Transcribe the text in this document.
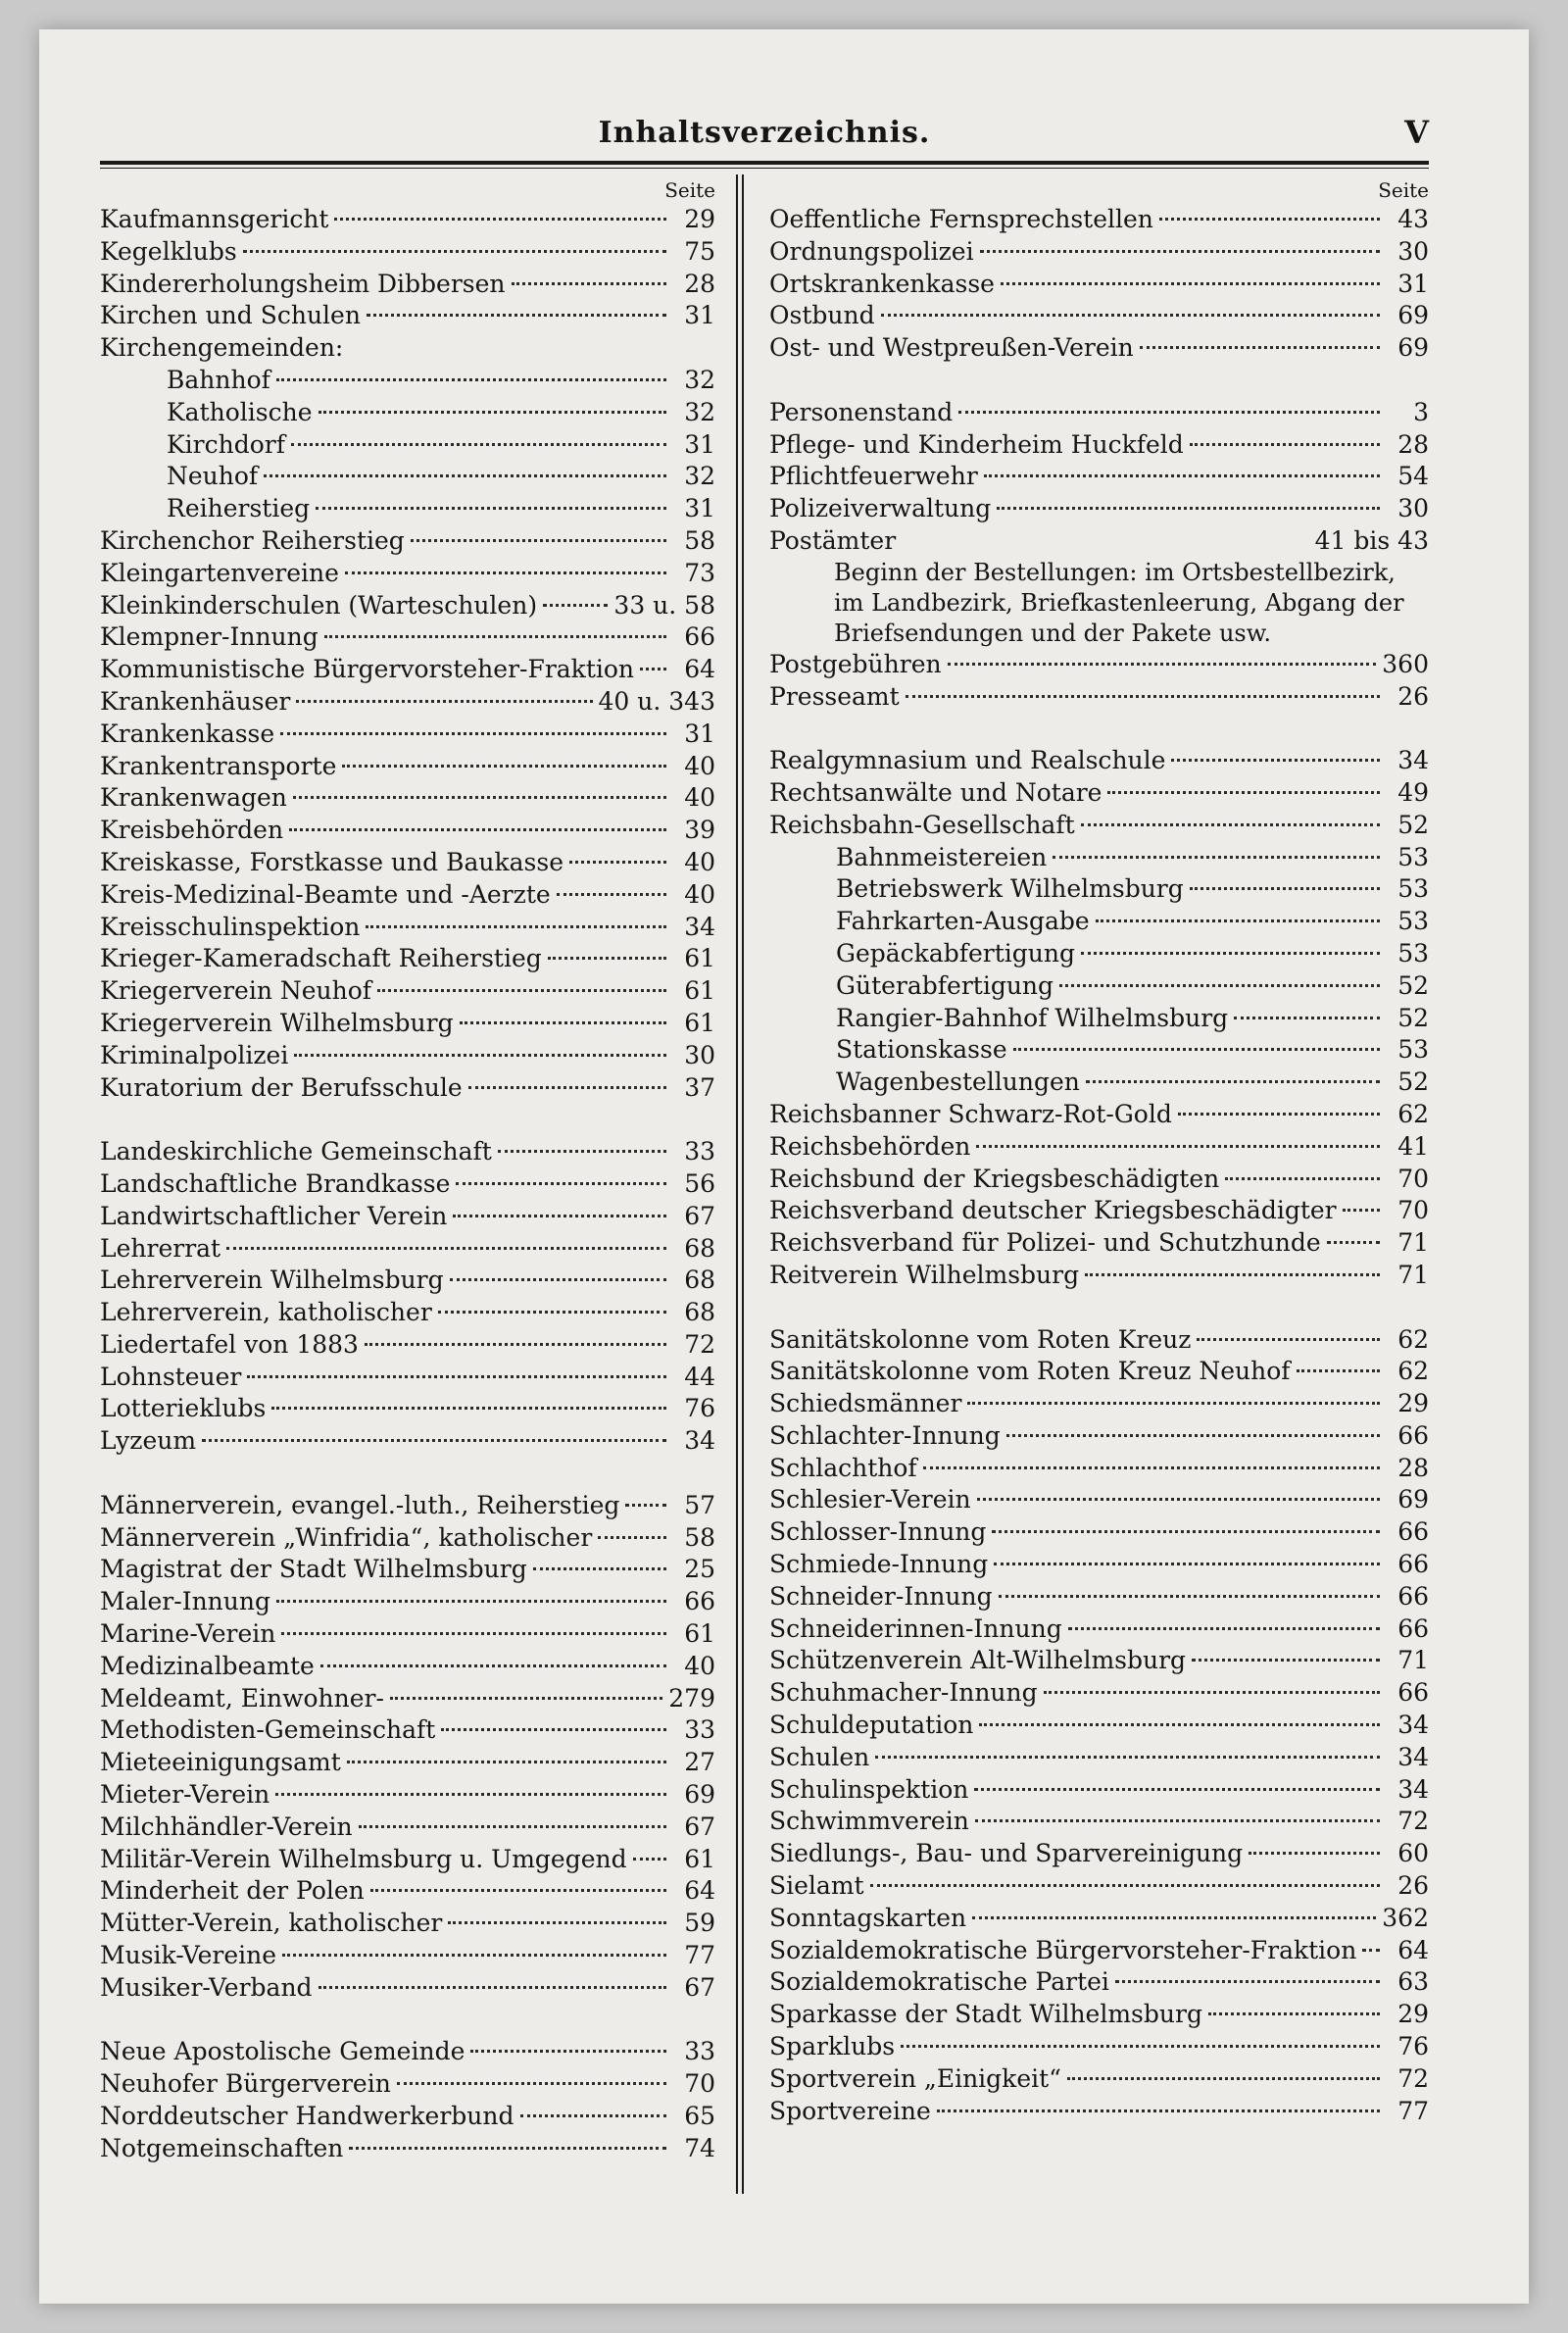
Inhaltsverzeichnis.	V
Seite
Kaufmannsgericht	29
Kegelklubs	75
Kindererholungsheim Dibbersen	28
Kirchen und Schulen	31
Kirchengemeinden:
Bahnhof	32
Katholische	32
Kirchdorf	31
Neuhof	32
Reiherstieg	31
Kirchenchor Reiherstieg	58
Kleingartenvereine	73
Kleinkinderschulen (Warteschulen)	33 u. 58
Klempner-Innung	66
Kommunistische Bürgervorsteher-Fraktion	64
Krankenhäuser	40 u. 343
Krankenkasse	31
Krankentransporte	40
Krankenwagen	40
Kreisbehörden	39
Kreiskasse, Forstkasse und Baukasse	40
Kreis-Medizinal-Beamte und -Aerzte	40
Kreisschulinspektion	34
Krieger-Kameradschaft Reiherstieg	61
Kriegerverein Neuhof	61
Kriegerverein Wilhelmsburg	61
Kriminalpolizei	30
Kuratorium der Berufsschule	37
Landeskirchliche Gemeinschaft	33
Landschaftliche Brandkasse	56
Landwirtschaftlicher Verein	67
Lehrerrat	68
Lehrerverein Wilhelmsburg	68
Lehrerverein, katholischer	68
Liedertafel von 1883	72
Lohnsteuer	44
Lotterieklubs	76
Lyzeum	34
Männerverein, evangel.-luth., Reiherstieg	57
Männerverein „Winfridia“, katholischer	58
Magistrat der Stadt Wilhelmsburg	25
Maler-Innung	66
Marine-Verein	61
Medizinalbeamte	40
Meldeamt, Einwohner-	279
Methodisten-Gemeinschaft	33
Mieteeinigungsamt	27
Mieter-Verein	69
Milchhändler-Verein	67
Militär-Verein Wilhelmsburg u. Umgegend	61
Minderheit der Polen	64
Mütter-Verein, katholischer	59
Musik-Vereine	77
Musiker-Verband	67
Neue Apostolische Gemeinde	33
Neuhofer Bürgerverein	70
Norddeutscher Handwerkerbund	65
Notgemeinschaften	74
Seite
Oeffentliche Fernsprechstellen	43
Ordnungspolizei	30
Ortskrankenkasse	31
Ostbund	69
Ost- und Westpreußen-Verein	69
Personenstand	3
Pflege- und Kinderheim Huckfeld	28
Pflichtfeuerwehr	54
Polizeiverwaltung	30
Postämter	41 bis 43
Beginn der Bestellungen: im Ortsbestellbezirk, im Landbezirk, Briefkastenleerung, Abgang der Briefsendungen und der Pakete usw.
Postgebühren	360
Presseamt	26
Realgymnasium und Realschule	34
Rechtsanwälte und Notare	49
Reichsbahn-Gesellschaft	52
Bahnmeistereien	53
Betriebswerk Wilhelmsburg	53
Fahrkarten-Ausgabe	53
Gepäckabfertigung	53
Güterabfertigung	52
Rangier-Bahnhof Wilhelmsburg	52
Stationskasse	53
Wagenbestellungen	52
Reichsbanner Schwarz-Rot-Gold	62
Reichsbehörden	41
Reichsbund der Kriegsbeschädigten	70
Reichsverband deutscher Kriegsbeschädigter	70
Reichsverband für Polizei- und Schutzhunde	71
Reitverein Wilhelmsburg	71
Sanitätskolonne vom Roten Kreuz	62
Sanitätskolonne vom Roten Kreuz Neuhof	62
Schiedsmänner	29
Schlachter-Innung	66
Schlachthof	28
Schlesier-Verein	69
Schlosser-Innung	66
Schmiede-Innung	66
Schneider-Innung	66
Schneiderinnen-Innung	66
Schützenverein Alt-Wilhelmsburg	71
Schuhmacher-Innung	66
Schuldeputation	34
Schulen	34
Schulinspektion	34
Schwimmverein	72
Siedlungs-, Bau- und Sparvereinigung	60
Sielamt	26
Sonntagskarten	362
Sozialdemokratische Bürgervorsteher-Fraktion	64
Sozialdemokratische Partei	63
Sparkasse der Stadt Wilhelmsburg	29
Sparklubs	76
Sportverein „Einigkeit“	72
Sportvereine	77
